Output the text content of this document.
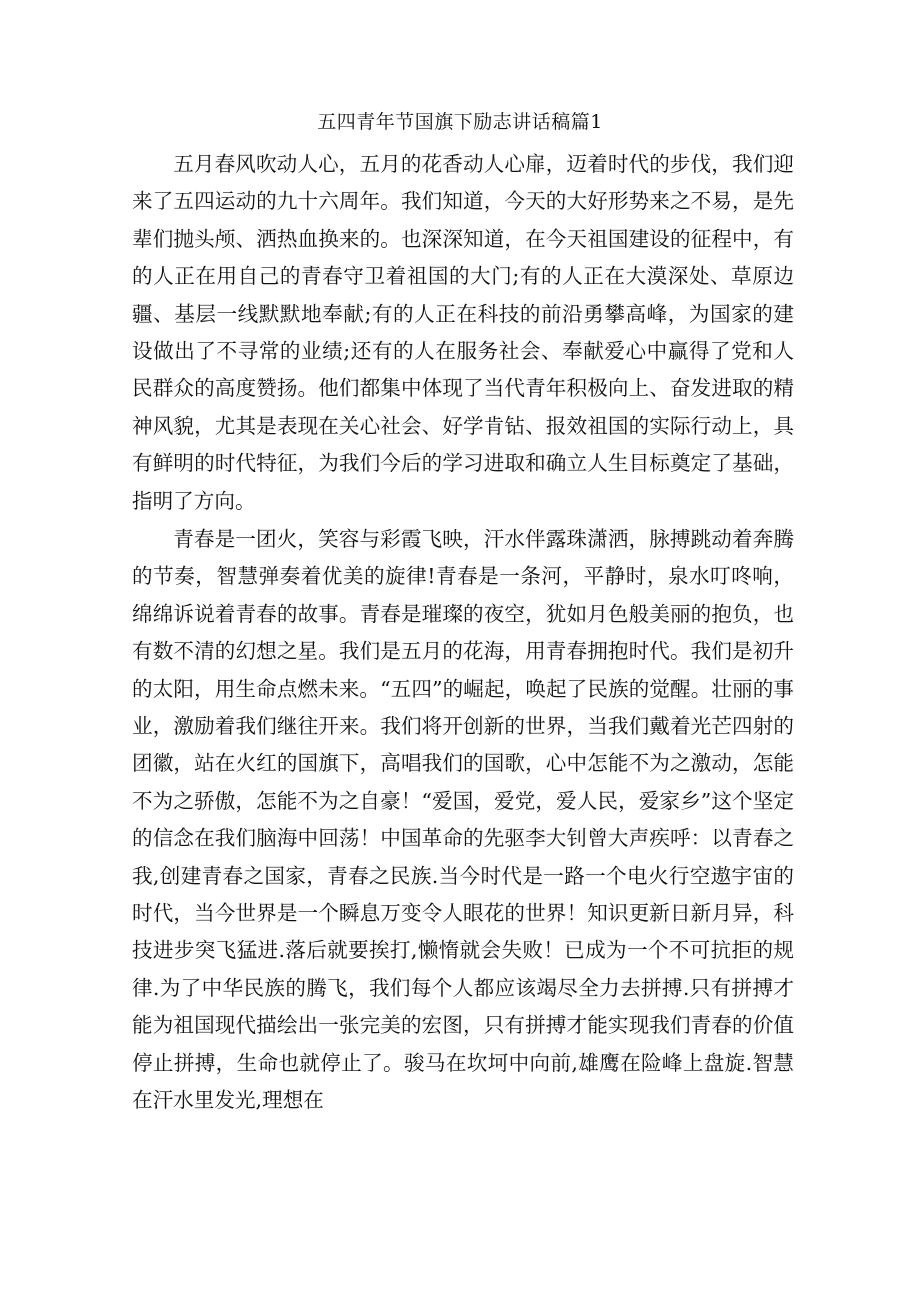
五四青年节国旗下励志讲话稿篇1

五月春风吹动人心，五月的花香动人心扉，迈着时代的步伐，我们迎来了五四运动的九十六周年。我们知道，今天的大好形势来之不易，是先辈们抛头颅、洒热血换来的。也深深知道，在今天祖国建设的征程中，有的人正在用自己的青春守卫着祖国的大门;有的人正在大漠深处、草原边疆、基层一线默默地奉献;有的人正在科技的前沿勇攀高峰，为国家的建设做出了不寻常的业绩;还有的人在服务社会、奉献爱心中赢得了党和人民群众的高度赞扬。他们都集中体现了当代青年积极向上、奋发进取的精神风貌，尤其是表现在关心社会、好学肯钻、报效祖国的实际行动上，具有鲜明的时代特征，为我们今后的学习进取和确立人生目标奠定了基础，指明了方向。

青春是一团火，笑容与彩霞飞映，汗水伴露珠潇洒，脉搏跳动着奔腾的节奏，智慧弹奏着优美的旋律!青春是一条河，平静时，泉水叮咚响，绵绵诉说着青春的故事。青春是璀璨的夜空，犹如月色般美丽的抱负，也有数不清的幻想之星。我们是五月的花海，用青春拥抱时代。我们是初升的太阳，用生命点燃未来。“五四”的崛起，唤起了民族的觉醒。壮丽的事业，激励着我们继往开来。我们将开创新的世界，当我们戴着光芒四射的团徽，站在火红的国旗下，高唱我们的国歌，心中怎能不为之激动，怎能不为之骄傲，怎能不为之自豪！“爱国，爱党，爱人民，爱家乡”这个坚定的信念在我们脑海中回荡！中国革命的先驱李大钊曾大声疾呼：以青春之我,创建青春之国家，青春之民族.当今时代是一路一个电火行空遨宇宙的时代，当今世界是一个瞬息万变令人眼花的世界！知识更新日新月异，科技进步突飞猛进.落后就要挨打,懒惰就会失败！已成为一个不可抗拒的规律.为了中华民族的腾飞，我们每个人都应该竭尽全力去拼搏.只有拼搏才能为祖国现代描绘出一张完美的宏图，只有拼搏才能实现我们青春的价值停止拼搏，生命也就停止了。骏马在坎坷中向前,雄鹰在险峰上盘旋.智慧在汗水里发光,理想在
